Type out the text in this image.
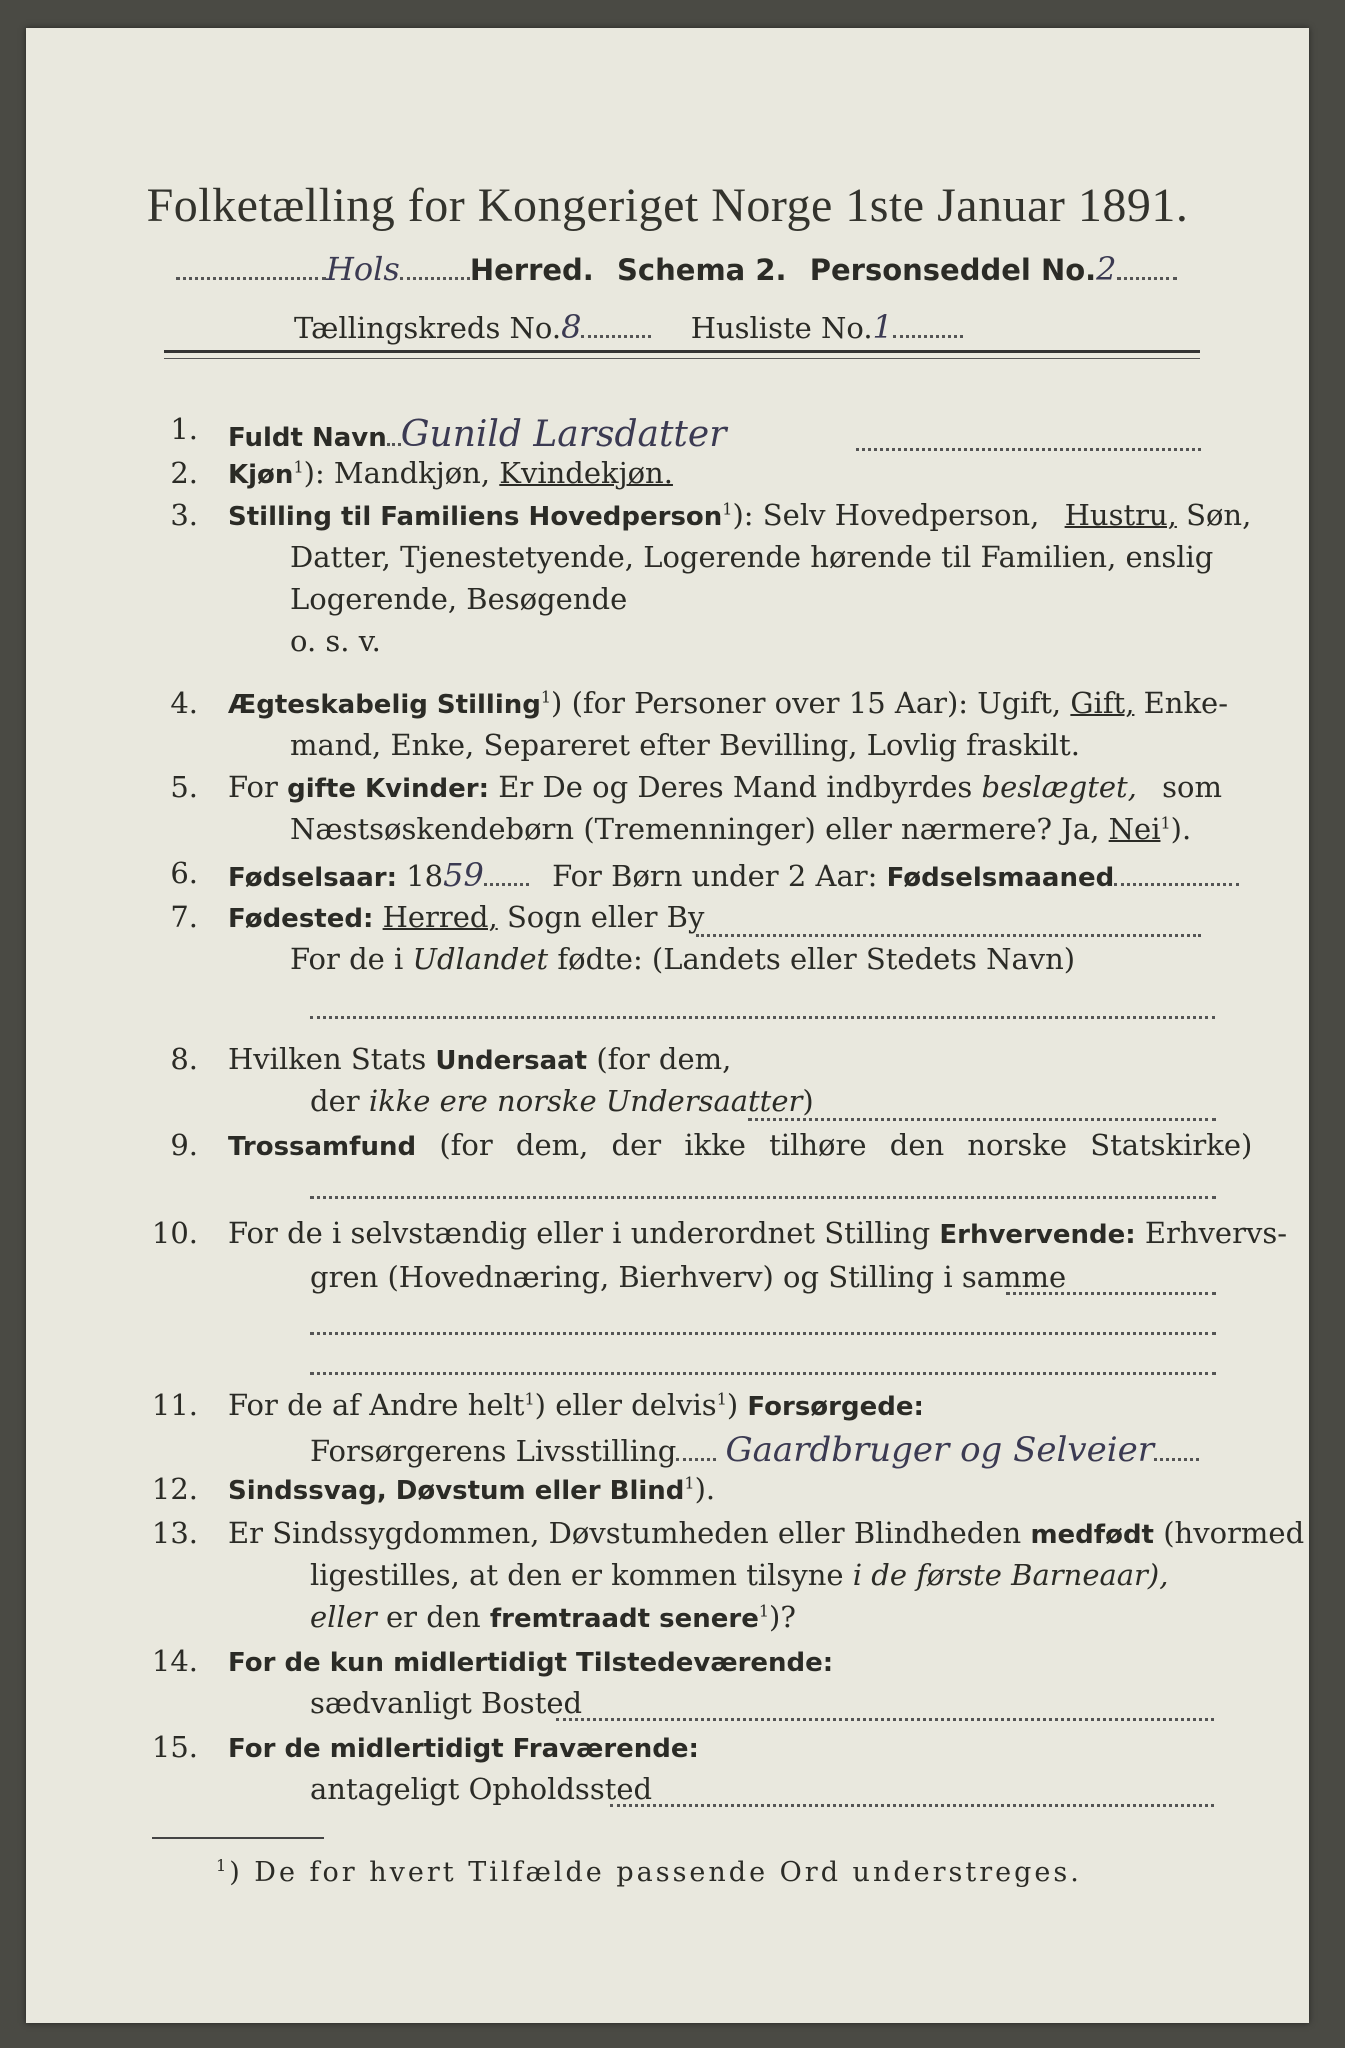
Folketælling for Kongeriget Norge 1ste Januar 1891.
Hols Herred. Schema 2. Personseddel No.2
Tællingskreds No.8	Husliste No.1
1. Fuldt Navn Gunild Larsdatter
2. Kjøn$^1$): Mandkjøn, Kvindekjøn.
3. Stilling til Familiens Hovedperson$^1$): Selv Hovedperson, Hustru, Søn,
Datter, Tjenestetyende, Logerende hørende til Familien, enslig
Logerende, Besøgende
o. s. v.
4. Ægteskabelig Stilling$^1$) (for Personer over 15 Aar): Ugift, Gift, Enke-
mand, Enke, Separeret efter Bevilling, Lovlig fraskilt.
5. For gifte Kvinder: Er De og Deres Mand indbyrdes beslægtet, som
Næstsøskendebørn (Tremenninger) eller nærmere? Ja, Nei$^1$).
6. Fødselsaar: 1859 For Børn under 2 Aar: Fødselsmaaned
7. Fødested: Herred, Sogn eller By
For de i Udlandet fødte: (Landets eller Stedets Navn)
8. Hvilken Stats Undersaat (for dem,
der ikke ere norske Undersaatter)
9. Trossamfund (for dem, der ikke tilhøre den norske Statskirke)
10. For de i selvstændig eller i underordnet Stilling Erhvervende: Erhvervs-
gren (Hovednæring, Bierhverv) og Stilling i samme
11. For de af Andre helt$^1$) eller delvis$^1$) Forsørgede:
Forsørgerens Livsstilling Gaardbruger og Selveier
12. Sindssvag, Døvstum eller Blind$^1$).
13. Er Sindssygdommen, Døvstumheden eller Blindheden medfødt (hvormed
ligestilles, at den er kommen tilsyne i de første Barneaar),
eller er den fremtraadt senere$^1$)?
14. For de kun midlertidigt Tilstedeværende:
sædvanligt Bosted
15. For de midlertidigt Fraværende:
antageligt Opholdssted
$^1$) De for hvert Tilfælde passende Ord understreges.
